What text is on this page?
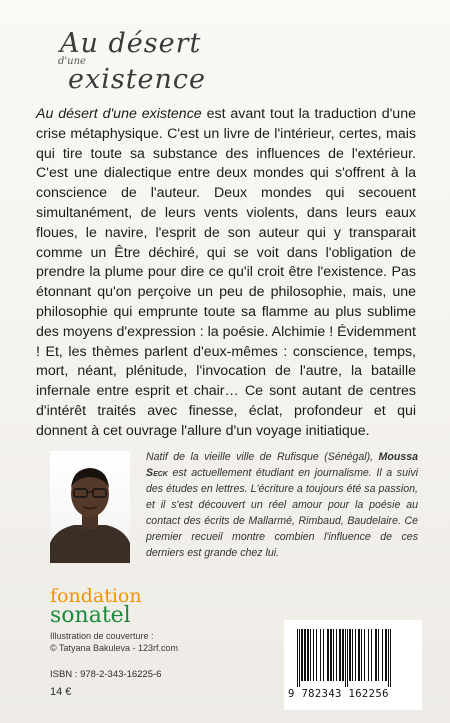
Au désert
d'une
existence

Au désert d'une existence est avant tout la traduction d'une crise métaphysique. C'est un livre de l'intérieur, certes, mais qui tire toute sa substance des influences de l'extérieur. C'est une dialectique entre deux mondes qui s'offrent à la conscience de l'auteur. Deux mondes qui secouent simultanément, de leurs vents violents, dans leurs eaux floues, le navire, l'esprit de son auteur qui y transparait comme un Être déchiré, qui se voit dans l'obligation de prendre la plume pour dire ce qu'il croit être l'existence. Pas étonnant qu'on perçoive un peu de philosophie, mais, une philosophie qui emprunte toute sa flamme au plus sublime des moyens d'expression : la poésie. Alchimie ! Évidemment ! Et, les thèmes parlent d'eux-mêmes : conscience, temps, mort, néant, plénitude, l'invocation de l'autre, la bataille infernale entre esprit et chair… Ce sont autant de centres d'intérêt traités avec finesse, éclat, profondeur et qui donnent à cet ouvrage l'allure d'un voyage initiatique.

Natif de la vieille ville de Rufisque (Sénégal), Moussa Seck est actuellement étudiant en journalisme. Il a suivi des études en lettres. L'écriture a toujours été sa passion, et il s'est découvert un réel amour pour la poésie au contact des écrits de Mallarmé, Rimbaud, Baudelaire. Ce premier recueil montre combien l'influence de ces derniers est grande chez lui.

fondation
sonatel
Illustration de couverture :
© Tatyana Bakuleva - 123rf.com
ISBN : 978-2-343-16225-6
14 €	9 782343 162256
